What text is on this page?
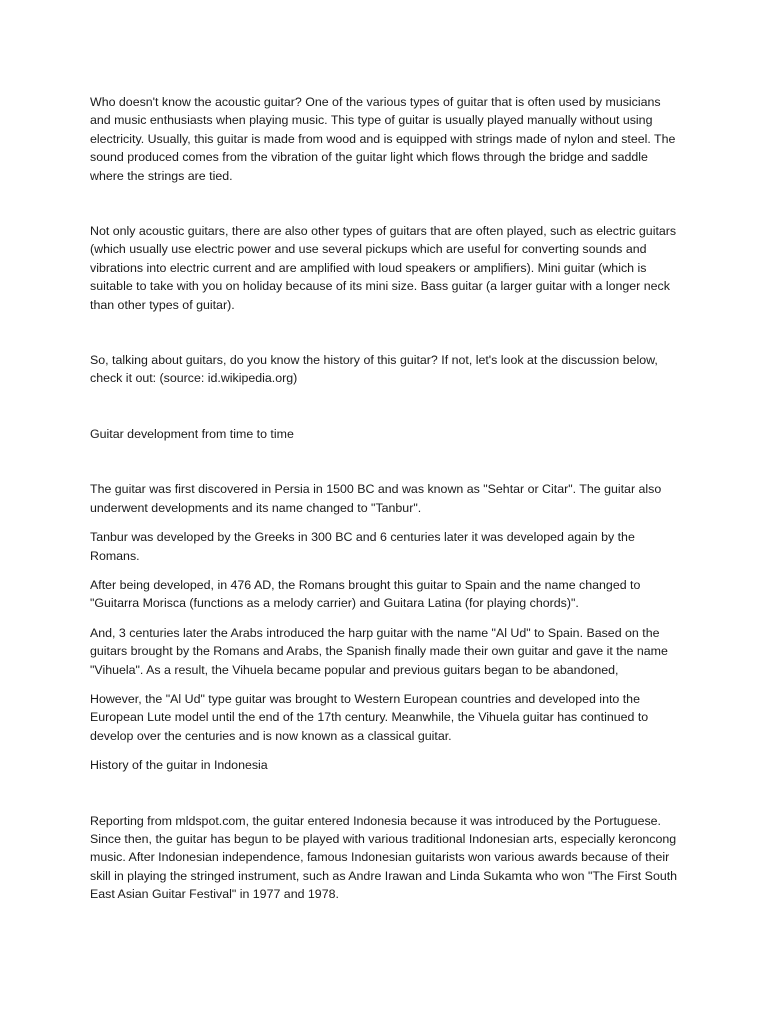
Who doesn't know the acoustic guitar? One of the various types of guitar that is often used by musicians and music enthusiasts when playing music. This type of guitar is usually played manually without using electricity. Usually, this guitar is made from wood and is equipped with strings made of nylon and steel. The sound produced comes from the vibration of the guitar light which flows through the bridge and saddle where the strings are tied.

Not only acoustic guitars, there are also other types of guitars that are often played, such as electric guitars (which usually use electric power and use several pickups which are useful for converting sounds and vibrations into electric current and are amplified with loud speakers or amplifiers). Mini guitar (which is suitable to take with you on holiday because of its mini size. Bass guitar (a larger guitar with a longer neck than other types of guitar).

So, talking about guitars, do you know the history of this guitar? If not, let's look at the discussion below, check it out: (source: id.wikipedia.org)

Guitar development from time to time

The guitar was first discovered in Persia in 1500 BC and was known as "Sehtar or Citar". The guitar also underwent developments and its name changed to "Tanbur".

Tanbur was developed by the Greeks in 300 BC and 6 centuries later it was developed again by the Romans.

After being developed, in 476 AD, the Romans brought this guitar to Spain and the name changed to "Guitarra Morisca (functions as a melody carrier) and Guitara Latina (for playing chords)".

And, 3 centuries later the Arabs introduced the harp guitar with the name "Al Ud" to Spain. Based on the guitars brought by the Romans and Arabs, the Spanish finally made their own guitar and gave it the name "Vihuela". As a result, the Vihuela became popular and previous guitars began to be abandoned,

However, the "Al Ud" type guitar was brought to Western European countries and developed into the European Lute model until the end of the 17th century. Meanwhile, the Vihuela guitar has continued to develop over the centuries and is now known as a classical guitar.

History of the guitar in Indonesia

Reporting from mldspot.com, the guitar entered Indonesia because it was introduced by the Portuguese. Since then, the guitar has begun to be played with various traditional Indonesian arts, especially keroncong music. After Indonesian independence, famous Indonesian guitarists won various awards because of their skill in playing the stringed instrument, such as Andre Irawan and Linda Sukamta who won "The First South East Asian Guitar Festival" in 1977 and 1978.
